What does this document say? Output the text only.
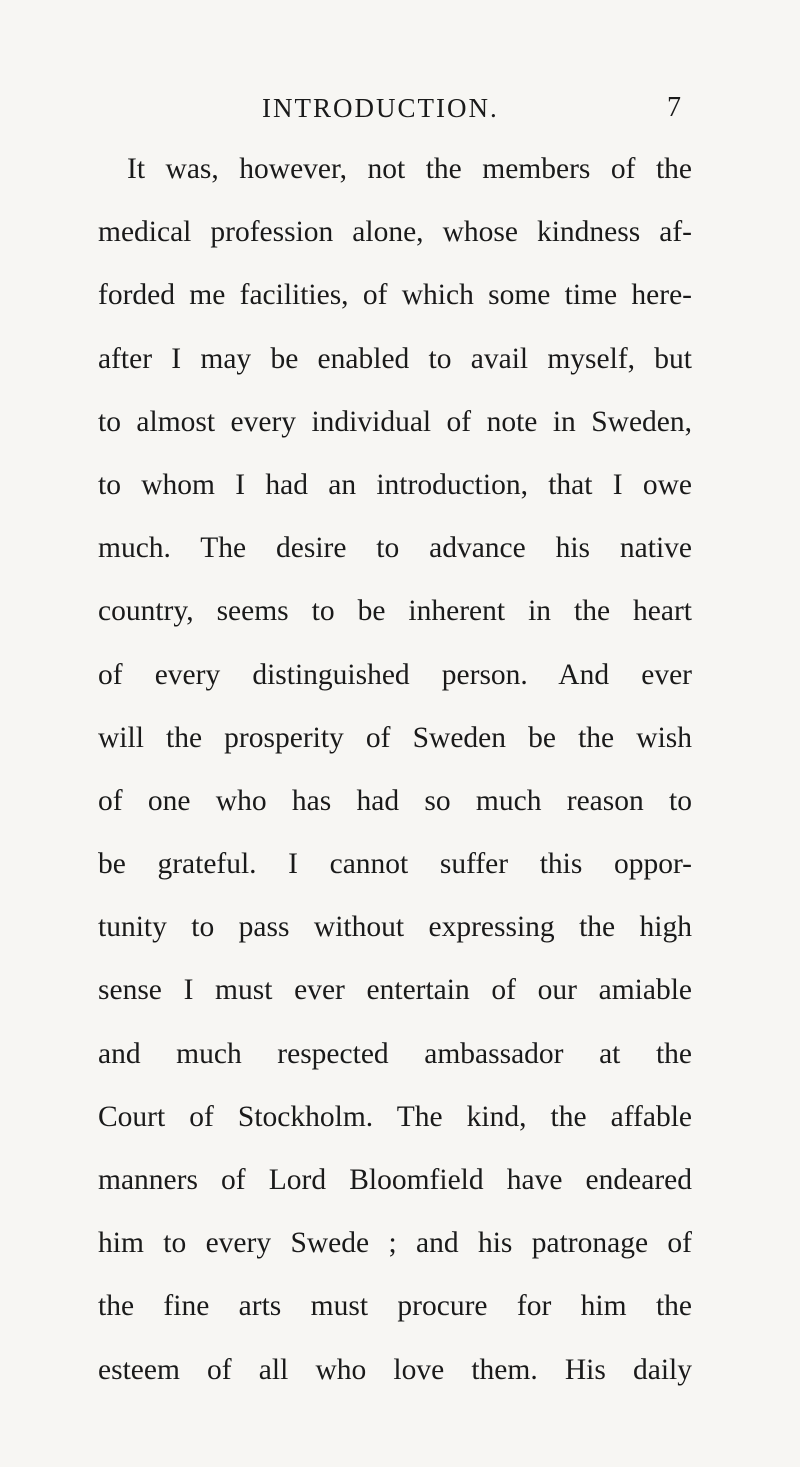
INTRODUCTION.	7
It was, however, not the members of the
medical profession alone, whose kindness af-
forded me facilities, of which some time here-
after I may be enabled to avail myself, but
to almost every individual of note in Sweden,
to whom I had an introduction, that I owe
much. The desire to advance his native
country, seems to be inherent in the heart
of every distinguished person. And ever
will the prosperity of Sweden be the wish
of one who has had so much reason to
be grateful. I cannot suffer this oppor-
tunity to pass without expressing the high
sense I must ever entertain of our amiable
and much respected ambassador at the
Court of Stockholm. The kind, the affable
manners of Lord Bloomfield have endeared
him to every Swede ; and his patronage of
the fine arts must procure for him the
esteem of all who love them. His daily
